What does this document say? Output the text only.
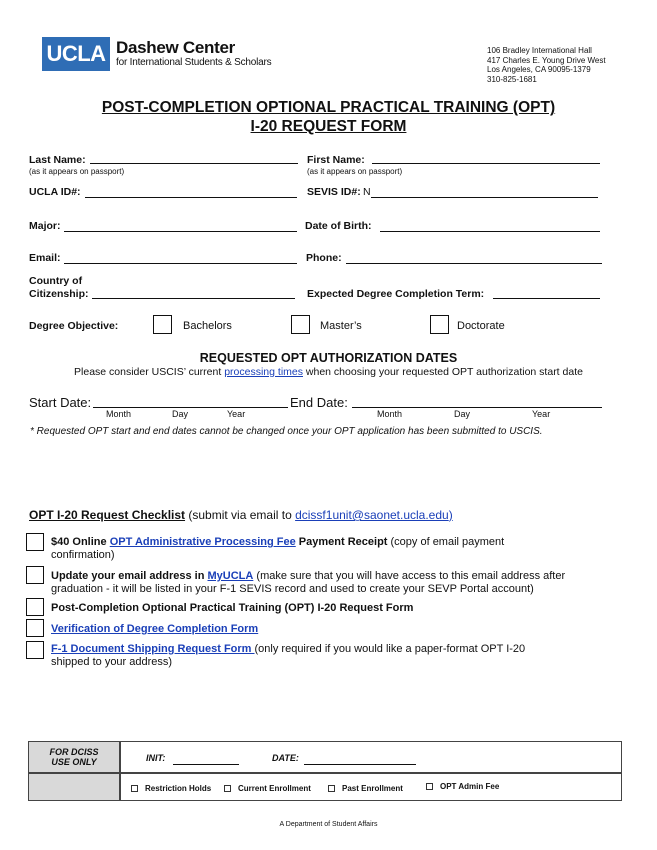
UCLA Dashew Center
for International Students & Scholars
106 Bradley International Hall
417 Charles E. Young Drive West
Los Angeles, CA 90095-1379
310-825-1681
POST-COMPLETION OPTIONAL PRACTICAL TRAINING (OPT)
I-20 REQUEST FORM
Last Name:
(as it appears on passport)
First Name:
(as it appears on passport)
UCLA ID#:	SEVIS ID#: N
Major:	Date of Birth:
Email:	Phone:
Country of
Citizenship:	Expected Degree Completion Term:
Degree Objective:	Bachelors	Master’s	Doctorate
REQUESTED OPT AUTHORIZATION DATES
Please consider USCIS’ current processing times when choosing your requested OPT authorization start date
Start Date:
Month	Day	Year
End Date:
Month	Day	Year
* Requested OPT start and end dates cannot be changed once your OPT application has been submitted to USCIS.
OPT I-20 Request Checklist (submit via email to dcissf1unit@saonet.ucla.edu)
$40 Online OPT Administrative Processing Fee Payment Receipt (copy of email payment
confirmation)
Update your email address in MyUCLA (make sure that you will have access to this email address after
graduation - it will be listed in your F-1 SEVIS record and used to create your SEVP Portal account)
Post-Completion Optional Practical Training (OPT) I-20 Request Form
Verification of Degree Completion Form
F-1 Document Shipping Request Form (only required if you would like a paper-format OPT I-20
shipped to your address)
FOR DCISS
USE ONLY	INIT:	DATE:
Restriction Holds	Current Enrollment	Past Enrollment	OPT Admin Fee
A Department of Student Affairs
